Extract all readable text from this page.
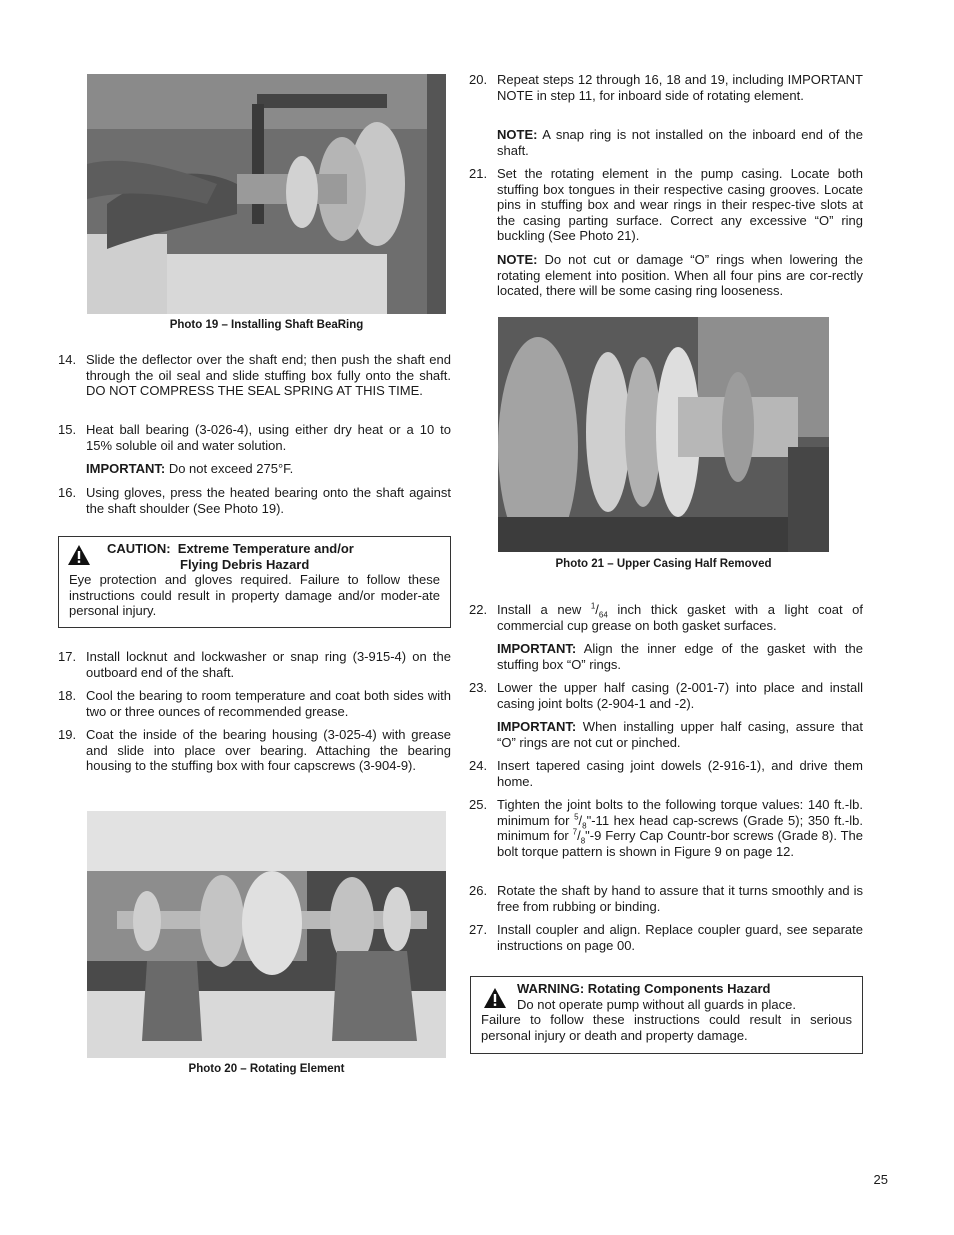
Photo 19 – Installing Shaft BeaRing
14. Slide the deflector over the shaft end; then push the shaft end through the oil seal and slide stuffing box fully onto the shaft. DO NOT COMPRESS THE SEAL SPRING AT THIS TIME.
15. Heat ball bearing (3-026-4), using either dry heat or a 10 to 15% soluble oil and water solution.
IMPORTANT: Do not exceed 275°F.
16. Using gloves, press the heated bearing onto the shaft against the shaft shoulder (See Photo 19).
CAUTION: Extreme Temperature and/or
Flying Debris Hazard
Eye protection and gloves required. Failure to follow these instructions could result in property damage and/or moder-ate personal injury.
17. Install locknut and lockwasher or snap ring (3-915-4) on the outboard end of the shaft.
18. Cool the bearing to room temperature and coat both sides with two or three ounces of recommended grease.
19. Coat the inside of the bearing housing (3-025-4) with grease and slide into place over bearing. Attaching the bearing housing to the stuffing box with four capscrews (3-904-9).
Photo 20 – Rotating Element
20. Repeat steps 12 through 16, 18 and 19, including IMPORTANT NOTE in step 11, for inboard side of rotating element.
NOTE: A snap ring is not installed on the inboard end of the shaft.
21. Set the rotating element in the pump casing. Locate both stuffing box tongues in their respective casing grooves. Locate pins in stuffing box and wear rings in their respec-tive slots at the casing parting surface. Correct any excessive “O” ring buckling (See Photo 21).
NOTE: Do not cut or damage “O” rings when lowering the rotating element into position. When all four pins are cor-rectly located, there will be some casing ring looseness.
Photo 21 – Upper Casing Half Removed
22. Install a new $^1/_{64}$ inch thick gasket with a light coat of commercial cup grease on both gasket surfaces.
IMPORTANT: Align the inner edge of the gasket with the stuffing box “O” rings.
23. Lower the upper half casing (2-001-7) into place and install casing joint bolts (2-904-1 and -2).
IMPORTANT: When installing upper half casing, assure that “O” rings are not cut or pinched.
24. Insert tapered casing joint dowels (2-916-1), and drive them home.
25. Tighten the joint bolts to the following torque values: 140 ft.-lb. minimum for $^5/_8"-11$ hex head cap-screws (Grade 5); 350 ft.-lb. minimum for $^7/_8"-9$ Ferry Cap Countr-bor screws (Grade 8). The bolt torque pattern is shown in Figure 9 on page 12.
26. Rotate the shaft by hand to assure that it turns smoothly and is free from rubbing or binding.
27. Install coupler and align. Replace coupler guard, see separate instructions on page 00.
WARNING: Rotating Components Hazard
Do not operate pump without all guards in place.
Failure to follow these instructions could result in serious personal injury or death and property damage.
25
